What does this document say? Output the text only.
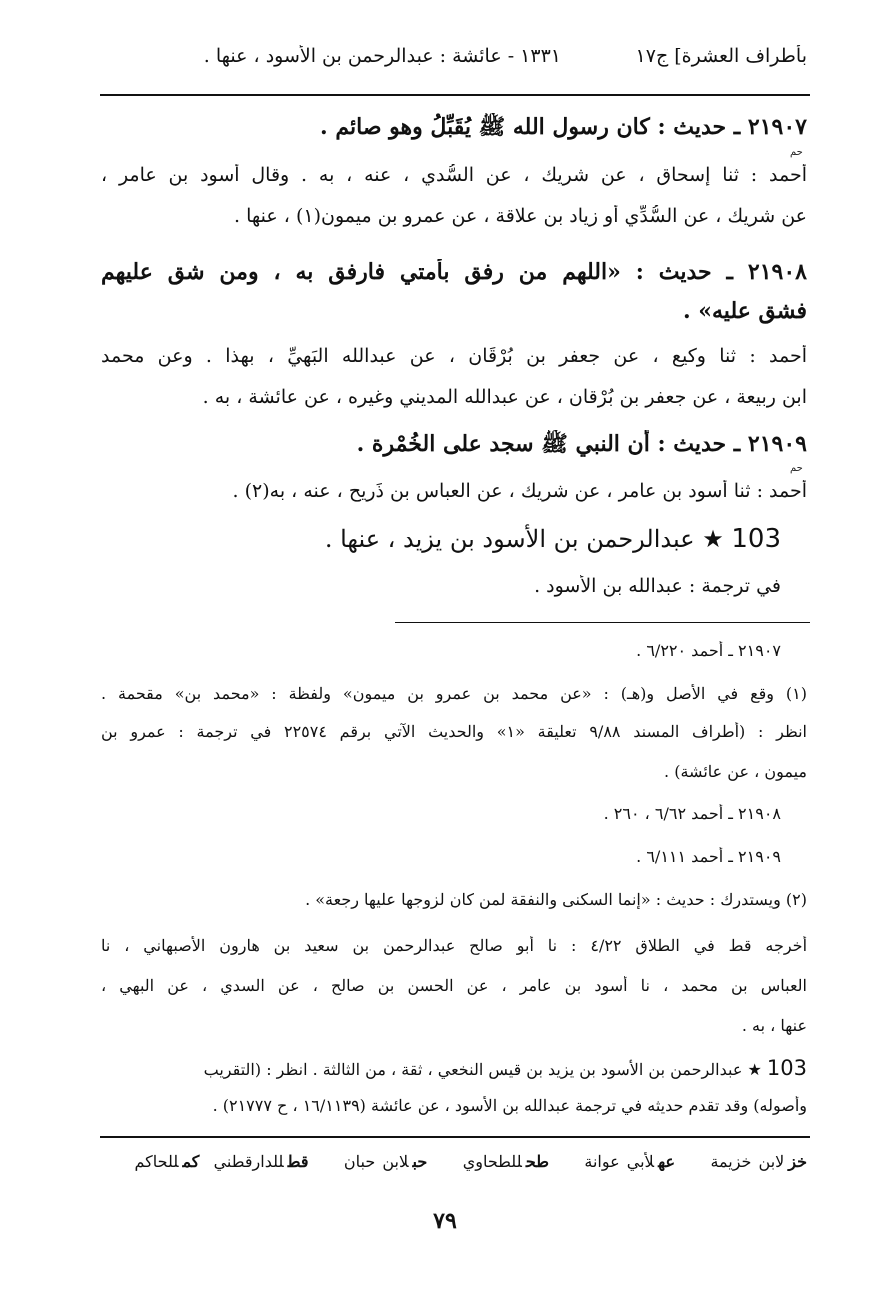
بأطراف العشرة] ج١٧
١٣٣١ - عائشة : عبدالرحمن بن الأسود ، عنها .
٢١٩٠٧ ـ حديث : كان رسول الله ﷺ يُقَبِّلُ وهو صائم .
حم
أحمد : ثنا إسحاق ، عن شريك ، عن السُّدي ، عنه ، به . وقال أسود بن عامر ،
عن شريك ، عن السُّدِّي أو زياد بن علاقة ، عن عمرو بن ميمون(١) ، عنها .
٢١٩٠٨ ـ حديث : «اللهم من رفق بأمتي فارفق به ، ومن شق عليهم
فشق عليه» .
أحمد : ثنا وكيع ، عن جعفر بن بُرْقَان ، عن عبدالله البَهيِّ ، بهذا . وعن محمد
ابن ربيعة ، عن جعفر بن بُرْقان ، عن عبدالله المديني وغيره ، عن عائشة ، به .
٢١٩٠٩ ـ حديث : أن النبي ﷺ سجد على الخُمْرة .
حم
أحمد : ثنا أسود بن عامر ، عن شريك ، عن العباس بن ذَرِيح ، عنه ، به(٢) .
103 ★ عبدالرحمن بن الأسود بن يزيد ، عنها .
في ترجمة : عبدالله بن الأسود .
٢١٩٠٧ ـ أحمد ٦/٢٢٠ .
(١) وقع في الأصل و(هـ) : «عن محمد بن عمرو بن ميمون» ولفظة : «محمد بن» مقحمة .
انظر : (أطراف المسند ٩/٨٨ تعليقة «١» والحديث الآتي برقم ٢٢٥٧٤ في ترجمة : عمرو بن
ميمون ، عن عائشة) .
٢١٩٠٨ ـ أحمد ٦/٦٢ ، ٢٦٠ .
٢١٩٠٩ ـ أحمد ٦/١١١ .
(٢) ويستدرك : حديث : «إنما السكنى والنفقة لمن كان لزوجها عليها رجعة» .
أخرجه قط في الطلاق ٤/٢٢ : نا أبو صالح عبدالرحمن بن سعيد بن هارون الأصبهاني ، نا
العباس بن محمد ، نا أسود بن عامر ، عن الحسن بن صالح ، عن السدي ، عن البهي ،
عنها ، به .
103 ★ عبدالرحمن بن الأسود بن يزيد بن قيس النخعي ، ثقة ، من الثالثة . انظر : (التقريب
وأصوله) وقد تقدم حديثه في ترجمة عبدالله بن الأسود ، عن عائشة (١٦/١١٣٩ ، ح ٢١٧٧٧) .
خزلابن خزيمة     عهلأبي عوانة     طحللطحاوي     حبلابن حبان     قطللدارقطني  كمللحاكم
٧٩
